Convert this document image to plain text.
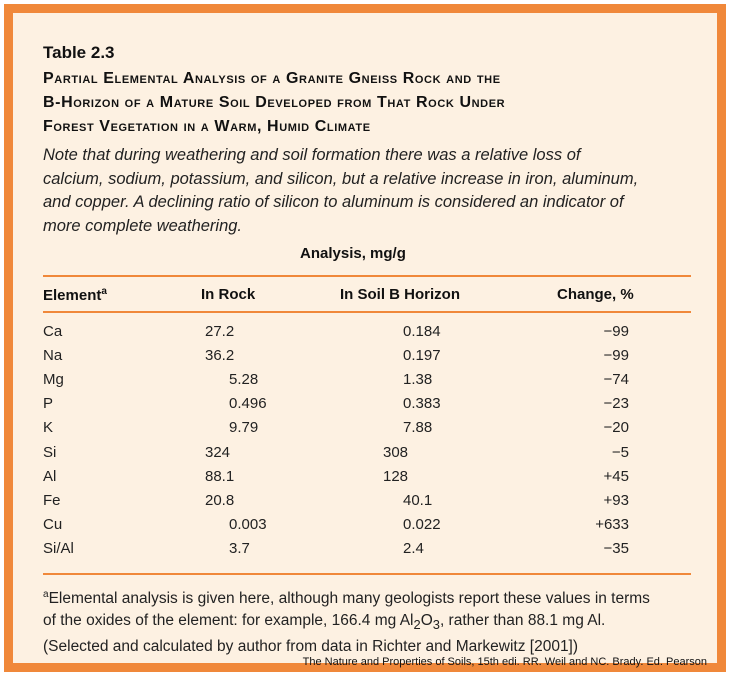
Table 2.3
Partial Elemental Analysis of a Granite Gneiss Rock and the
B-Horizon of a Mature Soil Developed from That Rock Under
Forest Vegetation in a Warm, Humid Climate
Note that during weathering and soil formation there was a relative loss of
calcium, sodium, potassium, and silicon, but a relative increase in iron, aluminum,
and copper. A declining ratio of silicon to aluminum is considered an indicator of
more complete weathering.
Analysis, mg/g
Element$^a$	In Rock	In Soil B Horizon	Change, %
Ca	27.2	0.184	−99
Na	36.2	0.197	−99
Mg	5.28	1.38	−74
P	0.496	0.383	−23
K	9.79	7.88	−20
Si	324	308	−5
Al	88.1	128	+45
Fe	20.8	40.1	+93
Cu	0.003	0.022	+633
Si/Al	3.7	2.4	−35
$^a$Elemental analysis is given here, although many geologists report these values in terms
of the oxides of the element: for example, 166.4 mg $Al_2O_3$, rather than 88.1 mg Al.
(Selected and calculated by author from data in Richter and Markewitz [2001])
The Nature and Properties of Soils, 15th edi. RR. Weil and NC. Brady. Ed. Pearson
